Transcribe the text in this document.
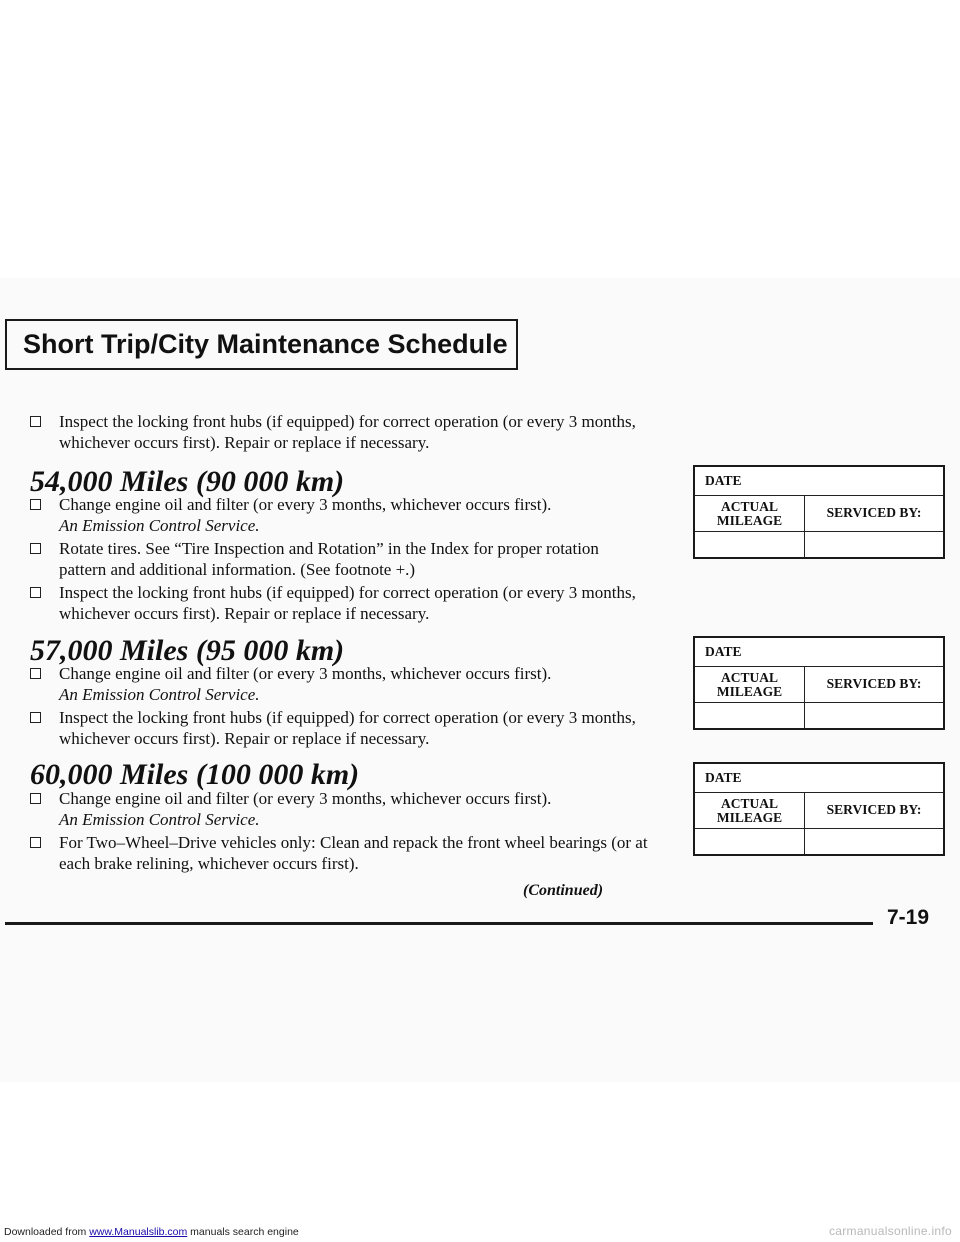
Short Trip/City Maintenance Schedule
Inspect the locking front hubs (if equipped) for correct operation (or every 3 months, whichever occurs first). Repair or replace if necessary.
54,000 Miles (90 000 km)
Change engine oil and filter (or every 3 months, whichever occurs first).
An Emission Control Service.
Rotate tires. See “Tire Inspection and Rotation” in the Index for proper rotation pattern and additional information. (See footnote +.)
Inspect the locking front hubs (if equipped) for correct operation (or every 3 months, whichever occurs first). Repair or replace if necessary.
57,000 Miles (95 000 km)
Change engine oil and filter (or every 3 months, whichever occurs first).
An Emission Control Service.
Inspect the locking front hubs (if equipped) for correct operation (or every 3 months, whichever occurs first). Repair or replace if necessary.
60,000 Miles (100 000 km)
Change engine oil and filter (or every 3 months, whichever occurs first).
An Emission Control Service.
For Two–Wheel–Drive vehicles only: Clean and repack the front wheel bearings (or at each brake relining, whichever occurs first).
DATE
ACTUAL
MILEAGE
SERVICED BY:
DATE
ACTUAL
MILEAGE
SERVICED BY:
DATE
ACTUAL
MILEAGE
SERVICED BY:
(Continued)
7-19
Downloaded from www.Manualslib.com manuals search engine	carmanualsonline.info
